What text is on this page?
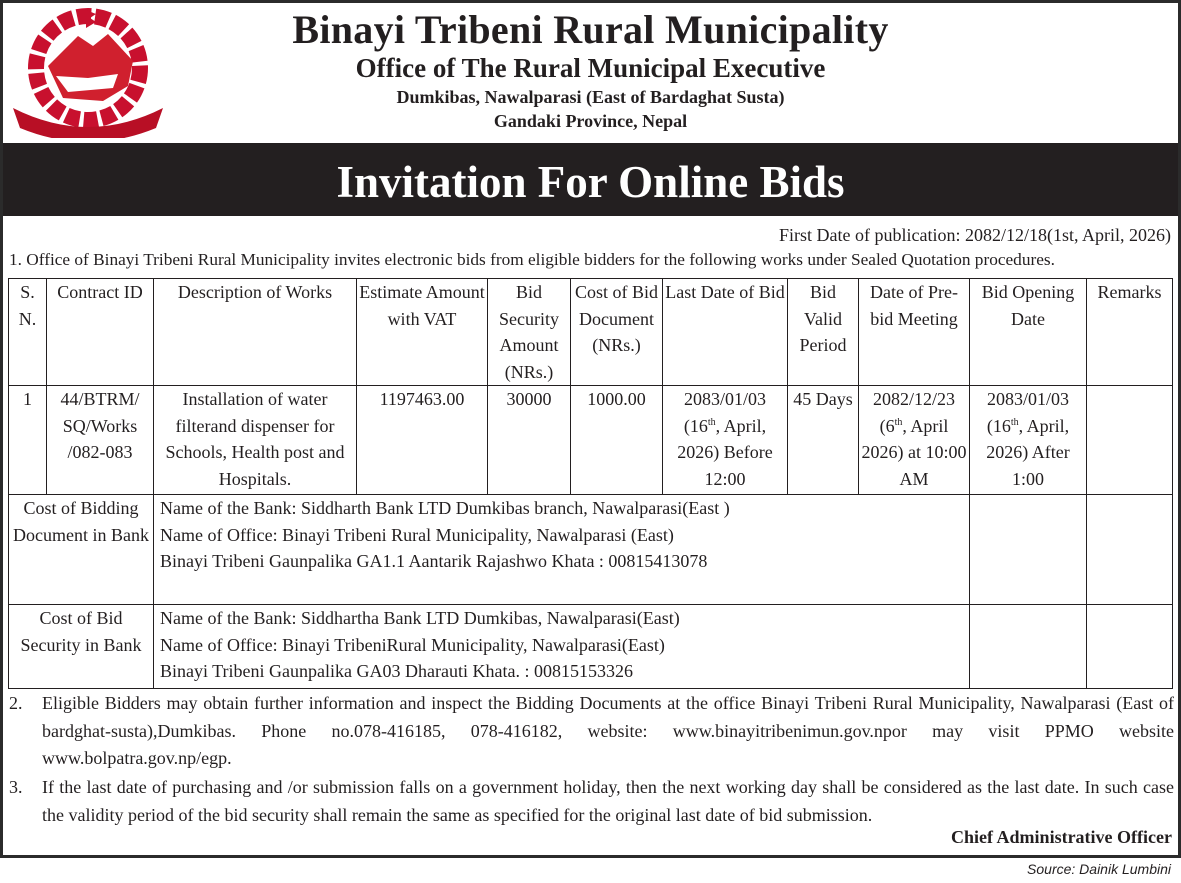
Binayi Tribeni Rural Municipality
Office of The Rural Municipal Executive
Dumkibas, Nawalparasi (East of Bardaghat Susta)
Gandaki Province, Nepal
Invitation For Online Bids
First Date of publication: 2082/12/18(1st, April, 2026)
1. Office of Binayi Tribeni Rural Municipality invites electronic bids from eligible bidders for the following works under Sealed Quotation procedures.
S. N.	Contract ID	Description of Works	Estimate Amount with VAT	Bid Security Amount (NRs.)	Cost of Bid Document (NRs.)	Last Date of Bid	Bid Valid Period	Date of Pre-bid Meeting	Bid Opening Date	Remarks
1	44/BTRM/ SQ/Works /082-083	Installation of water filterand dispenser for Schools, Health post and Hospitals.	1197463.00	30000	1000.00	2083/01/03 (16th, April, 2026) Before 12:00	45 Days	2082/12/23 (6th, April 2026) at 10:00 AM	2083/01/03 (16th, April, 2026) After 1:00	
Cost of Bidding Document in Bank		Name of the Bank: Siddharth Bank LTD Dumkibas branch, Nawalparasi(East )
Name of Office: Binayi Tribeni Rural Municipality, Nawalparasi (East)
Binayi Tribeni Gaunpalika GA1.1 Aantarik Rajashwo Khata : 00815413078								

Cost of Bid Security in Bank		Name of the Bank: Siddhartha Bank LTD Dumkibas, Nawalparasi(East)
Name of Office: Binayi TribeniRural Municipality, Nawalparasi(East)
Binayi Tribeni Gaunpalika GA03 Dharauti Khata. : 00815153326								

2.	Eligible Bidders may obtain further information and inspect the Bidding Documents at the office Binayi Tribeni Rural Municipality, Nawalparasi (East of bardghat-susta),Dumkibas. Phone no.078-416185, 078-416182, website: www.binayitribenimun.gov.npor may visit PPMO website www.bolpatra.gov.np/egp.
3.	If the last date of purchasing and /or submission falls on a government holiday, then the next working day shall be considered as the last date. In such case the validity period of the bid security shall remain the same as specified for the original last date of bid submission.
Chief Administrative Officer
Source: Dainik Lumbini
